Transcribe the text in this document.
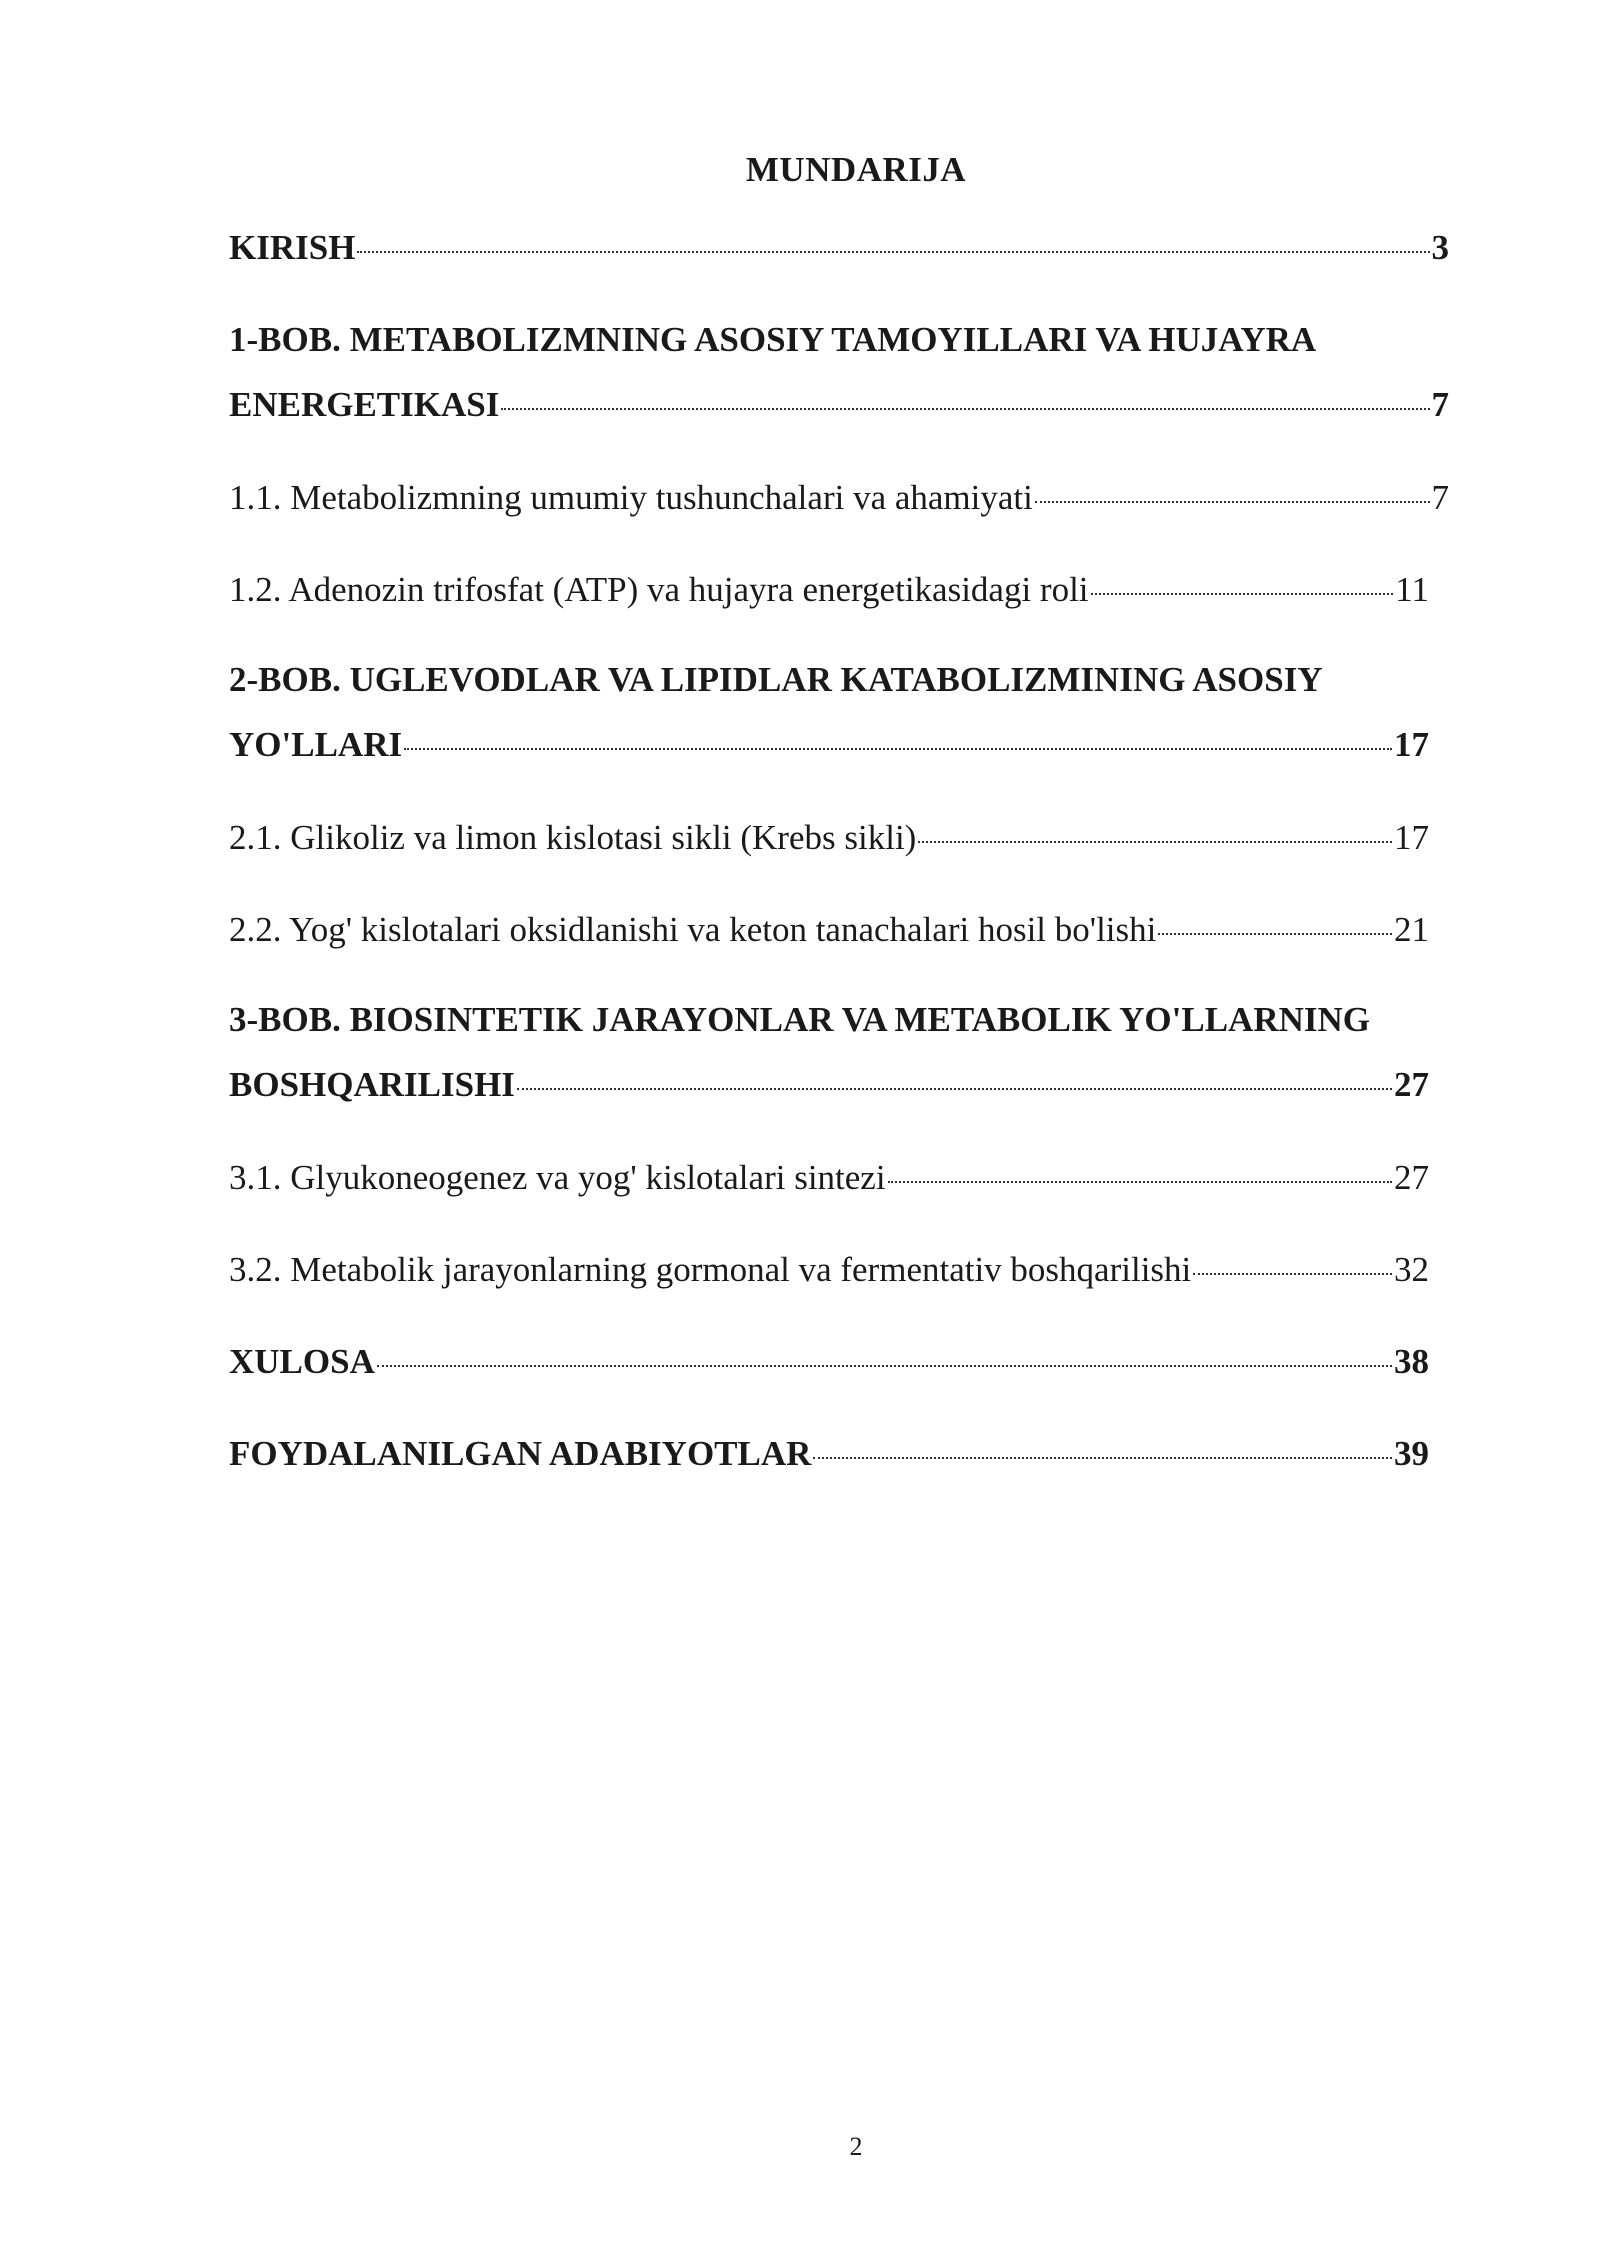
MUNDARIJA
KIRISH	3
1-BOB. METABOLIZMNING ASOSIY TAMOYILLARI VA HUJAYRA
ENERGETIKASI	7
1.1. Metabolizmning umumiy tushunchalari va ahamiyati	7
1.2. Adenozin trifosfat (ATP) va hujayra energetikasidagi roli	11
2-BOB. UGLEVODLAR VA LIPIDLAR KATABOLIZMINING ASOSIY
YO'LLARI	17
2.1. Glikoliz va limon kislotasi sikli (Krebs sikli)	17
2.2. Yog' kislotalari oksidlanishi va keton tanachalari hosil bo'lishi	21
3-BOB. BIOSINTETIK JARAYONLAR VA METABOLIK YO'LLARNING
BOSHQARILISHI	27
3.1. Glyukoneogenez va yog' kislotalari sintezi	27
3.2. Metabolik jarayonlarning gormonal va fermentativ boshqarilishi	32
XULOSA	38
FOYDALANILGAN ADABIYOTLAR	39
2
